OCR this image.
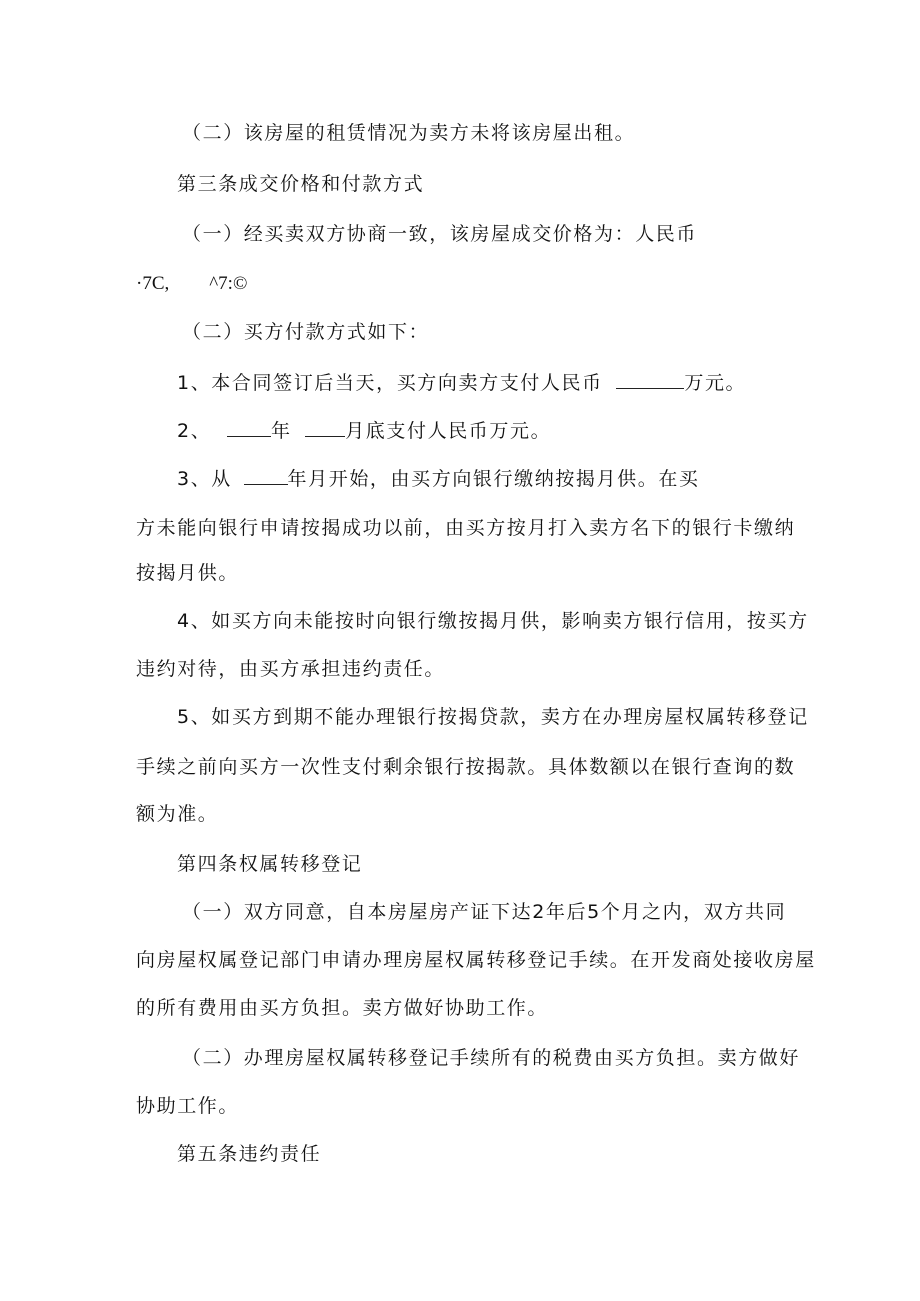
（二）该房屋的租赁情况为卖方未将该房屋出租。
第三条成交价格和付款方式
（一）经买卖双方协商一致，该房屋成交价格为：人民币
·7C, ^7:©
（二）买方付款方式如下：
1、本合同签订后当天，买方向卖方支付人民币	万元。
2、	年	月底支付人民币万元。
3、从	年月开始，由买方向银行缴纳按揭月供。在买
方未能向银行申请按揭成功以前，由买方按月打入卖方名下的银行卡缴纳
按揭月供。
4、如买方向未能按时向银行缴按揭月供，影响卖方银行信用，按买方
违约对待，由买方承担违约责任。
5、如买方到期不能办理银行按揭贷款，卖方在办理房屋权属转移登记
手续之前向买方一次性支付剩余银行按揭款。具体数额以在银行查询的数
额为准。
第四条权属转移登记
（一）双方同意，自本房屋房产证下达2年后5个月之内，双方共同
向房屋权属登记部门申请办理房屋权属转移登记手续。在开发商处接收房屋
的所有费用由买方负担。卖方做好协助工作。
（二）办理房屋权属转移登记手续所有的税费由买方负担。卖方做好
协助工作。
第五条违约责任
